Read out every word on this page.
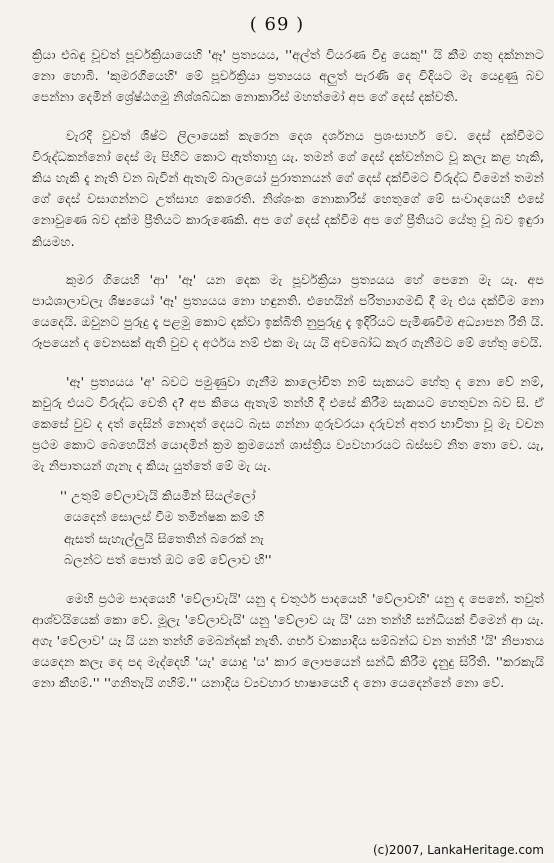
( 69 )

ක්‍රියා එබඳු වූවත් පූර්වක්‍රියායෙහි 'ඈ' ප්‍රත්‍යයය, ''අල්ත් වියරණ වීදු යෙකු'' යි කීම ගතු දක්නනට නො හොබි. 'කුමරගියෙහි' මේ පූර්වක්‍රියා ප්‍රත්‍යයය අලුත් පැරණි දෙ විදියට මැ යෙදුණු බව පෙන්නා දෙමින් ශ්‍රේෂ්ඨගමු නිශ්ශබ්ධක නොකාරිස් මහත්මෝ අප ගේ දෙස් දක්වති.

වැරදි වුවත් ශිෂ්ට ලිලායෙක් කැරෙන දෙශ දර්ශනය ප්‍රශංසාර්හ වෙ. දෙස් දක්වීමට විරුද්ධකන්නෝ දෙස් මැ පිහිට කොට ඇත්තාහු යැ. තමන් ගේ දෙස් දක්වන්නට වූ කලැ කළ හැකි, කිය හැකි දැ නැති වන බැවින් ඇතැම් බාලයෝ පුරාතනයන් ගේ දෙස් දක්වීමට විරුද්ධ වීමෙන් තමන් ගේ දෙස් වසාගන්නට උත්සාහ කෙරෙති. නිශ්ශංක නොකාරිස් හෙතුගේ මේ සංවාදයෙහි එසේ නොවුණෙ බව දක්ම ප්‍රීතියට කාරුණෙකි. අප ගේ දෙස් දක්වීම අප ගේ ප්‍රීතියට යේතු වූ බව ඉඳුරා කියමහ.

කුමර ගියෙහි 'ආ' 'ඈ' යන දෙක මැ පූර්වක්‍රියා ප්‍රත්‍යයය හේ පෙනෙ මැ යැ. අප පාඨශාලාවලැ ශිෂ්‍යයෝ 'ඈ' ප්‍රත්‍යයය නො හඳුනති. එහෙයින් පරිත්‍යාගමඩි දී මැ එය දක්වීම නො යෙදෙයි. ඔවුනට පුරුදු දැ පළමු කොට දක්වා ඉක්බිති නුපුරුදු දැ ඉදිරියට පැමිණවීම අධ්‍යාපන රීති යි. රූපයෙන් ද වෙනසක් ඇති වුව ද අර්ථය නම් එක මැ යැ යි අවබෝධ කැර ගැනීමට මේ හේතු වෙයි.

'ඈ' ප්‍රත්‍යයය 'අ' බවට පමුණුවා ගැනීම කාලෝචිත නම් සැකයට හේතු ද නො වේ නම්, කවුරු එයට විරුද්ධ වෙති ද? අප කියෙ ඇතැම් තන්හි දී එසේ කිරීම සැකයට හෙතුවන බව සි. ඒ කෙසේ වුව ද දත් දෙසින් නොදත් දෙයට බැස ගන්නා ගුරුවරයා දරුවන් අතර භාවිතා වූ මැ වචන ප්‍රථම කොට බෙහෙයින් යොදමින් ක්‍රම ක්‍රමයෙන් ශාස්ත්‍රිය ව්‍යවහාරයට බස්සව නිත තො වෙ. යැ, මැ නිපාතයන් ගැනැ ද කියැ යුත්තේ මේ මැ යැ.

'' උතුම් වේලාවැයි කියමින් සියල්ලෝ
යෙදෙන් සොලස් වීම තමින්ෂක කම් හි
ඇසත් සැහැල්ලුයි සිතෙතින් බරෙක් නැ
බලන්ට පත් පොත් ඔට මේ වේලාව හි''

මෙහි ප්‍රථම පාදයෙහි 'වේලාවැයි' යනු ද චතුර්ථ පාදයෙහි 'වේලාවහි' යනු ද පෙනේ. තවුත් ආශ්වයියෙක් කො වේ. මූලැ 'වේලාවැයි' යනු 'වේලාව යැ යි' යන තන්හි සන්ධියක් වීමෙන් ආ යැ. අගැ 'වේලාව' යෑ යි යන තන්හි මෙබන්දක් නැති. ගර්භ වාක්‍යාදිය සම්බන්ධ වන තන්හි 'යි' නිපාතය යෙදෙන කලැ දෙ පද මැද්දෙහි 'යැ' යොදු 'ය' කාර ලොපයෙන් සන්ධි කිරීම දැනුදු සිරිති. ''කරකැයි නො කීහම්.'' ''ගනිතැයි ගහිම්.'' යනාදිය ව්‍යවහාර භාෂායෙහි ද නො යෙදෙන්නේ නො වේ.

(c)2007, LankaHeritage.com
